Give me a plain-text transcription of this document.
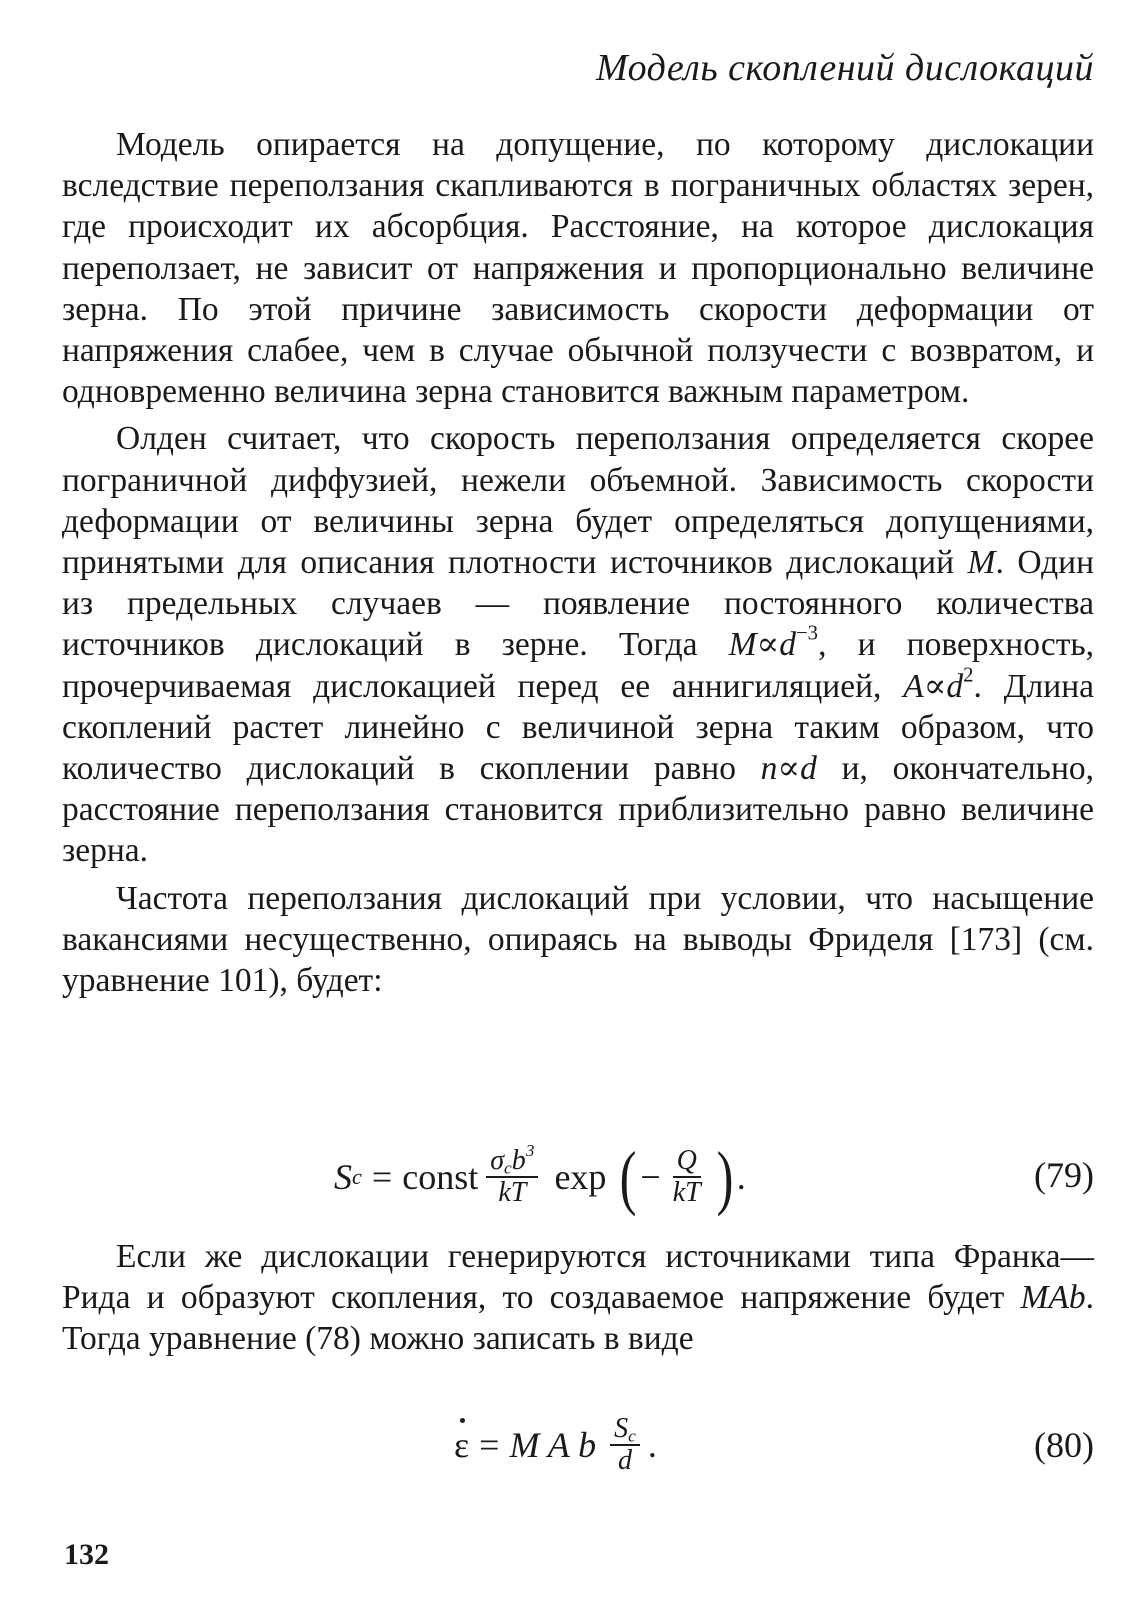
Модель скоплений дислокаций

Модель опирается на допущение, по которому дислокации вследствие переползания скапливаются в пограничных областях зерен, где происходит их абсорбция. Расстояние, на которое дислокация переползает, не зависит от напряжения и пропорционально величине зерна. По этой причине зависимость скорости деформации от напряжения слабее, чем в случае обычной ползучести с возвратом, и одновременно величина зерна становится важным параметром.

Олден считает, что скорость переползания определяется скорее пограничной диффузией, нежели объемной. Зависимость скорости деформации от величины зерна будет определяться допущениями, принятыми для описания плотности источников дислокаций M. Один из предельных случаев — появление постоянного количества источников дислокаций в зерне. Тогда $M\propto d^{-3}$, и поверхность, прочерчиваемая дислокацией перед ее аннигиляцией, $A\propto d^2$. Длина скоплений растет линейно с величиной зерна таким образом, что количество дислокаций в скоплении равно n∝d и, окончательно, расстояние переползания становится приблизительно равно величине зерна.

Частота переползания дислокаций при условии, что насыщение вакансиями несущественно, опираясь на выводы Фриделя [173] (см. уравнение 101), будет:

S c = const $\frac{\sigma_cb^3}{kT}$ exp ( − $\frac{Q}{kT}$ ) .	(79)

Если же дислокации генерируются источниками типа Франка—Рида и образуют скопления, то создаваемое напряжение будет MAb. Тогда уравнение (78) можно записать в виде

ε = M A b $\frac{S_c}{d}$ .	(80)
132
